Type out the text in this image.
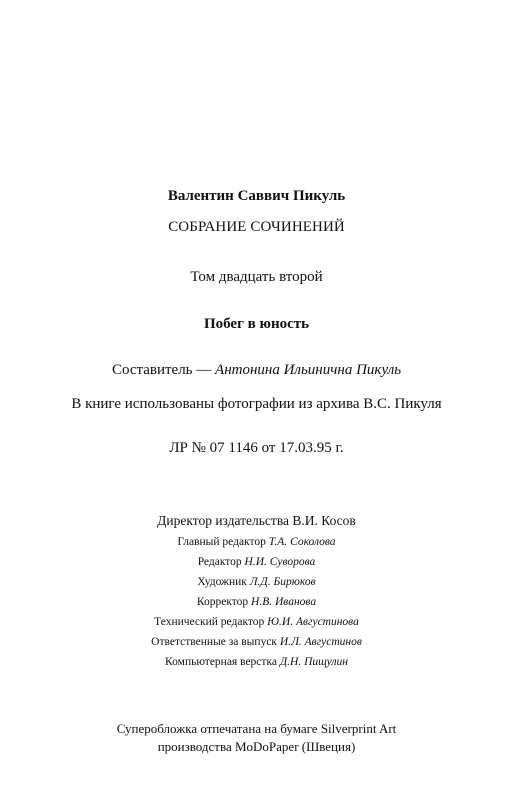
Валентин Саввич Пикуль
СОБРАНИЕ СОЧИНЕНИЙ
Том двадцать второй
Побег в юность
Составитель — Антонина Ильинична Пикуль
В книге использованы фотографии из архива В.С. Пикуля
ЛР № 07 1146 от 17.03.95 г.
Директор издательства В.И. Косов
Главный редактор Т.А. Соколова
Редактор Н.И. Суворова
Художник Л.Д. Бирюков
Корректор Н.В. Иванова
Технический редактор Ю.И. Августинова
Ответственные за выпуск И.Л. Августинов
Компьютерная верстка Д.Н. Пищулин
Суперобложка отпечатана на бумаге Silverprint Art
производства MoDoPaper (Швеция)
